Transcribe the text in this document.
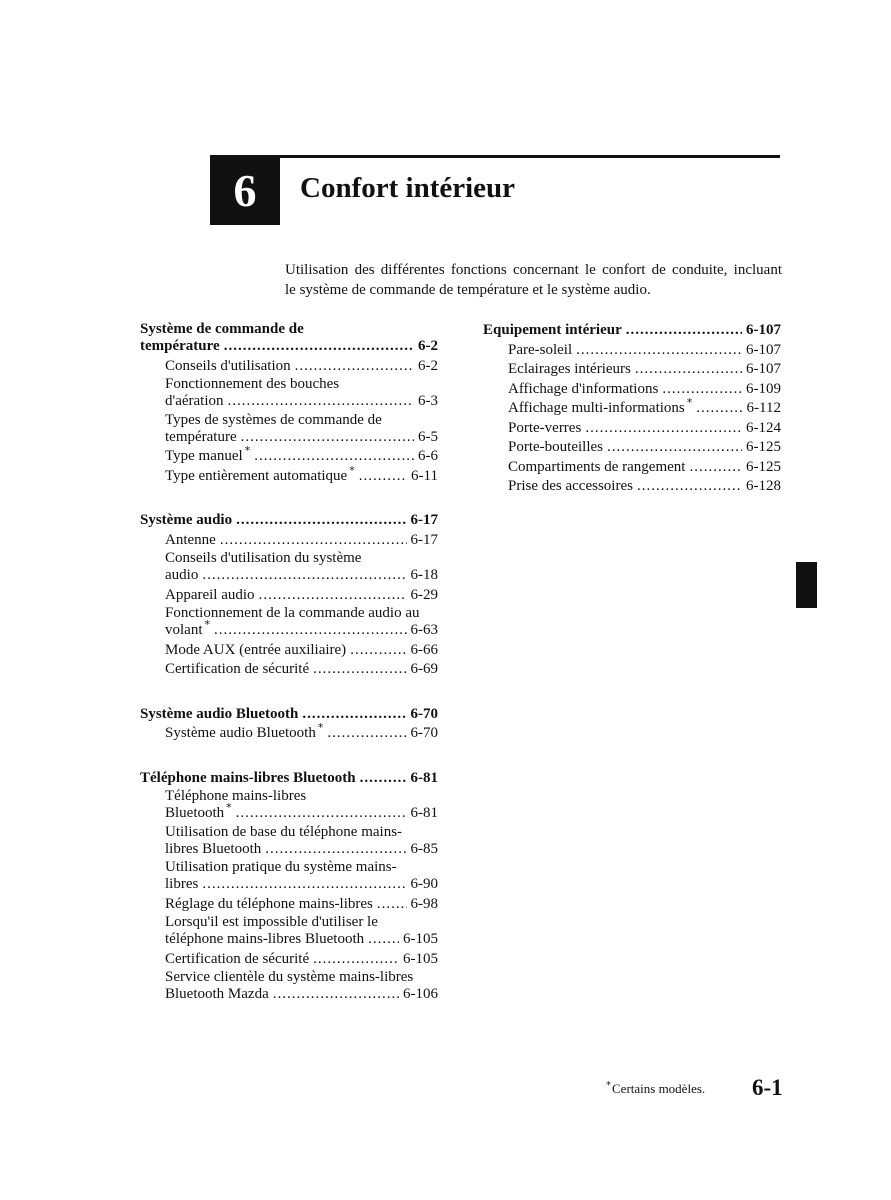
6 Confort intérieur
Utilisation des différentes fonctions concernant le confort de conduite, incluant
le système de commande de température et le système audio.
Système de commande de
température .....	6-2
Conseils d'utilisation .....	6-2
Fonctionnement des bouches
d'aération .....	6-3
Types de systèmes de commande de
température .....	6-5
Type manuel * .....	6-6
Type entièrement automatique * .....	6-11
Système audio .....	6-17
Antenne .....	6-17
Conseils d'utilisation du système
audio .....	6-18
Appareil audio .....	6-29
Fonctionnement de la commande audio au
volant * .....	6-63
Mode AUX (entrée auxiliaire) .....	6-66
Certification de sécurité .....	6-69
Système audio Bluetooth .....	6-70
Système audio Bluetooth * .....	6-70
Téléphone mains-libres Bluetooth .....	6-81
Téléphone mains-libres
Bluetooth * .....	6-81
Utilisation de base du téléphone mains-
libres Bluetooth .....	6-85
Utilisation pratique du système mains-
libres .....	6-90
Réglage du téléphone mains-libres .....	6-98
Lorsqu'il est impossible d'utiliser le
téléphone mains-libres Bluetooth .....	6-105
Certification de sécurité .....	6-105
Service clientèle du système mains-libres
Bluetooth Mazda .....	6-106
Equipement intérieur .....	6-107
Pare-soleil .....	6-107
Eclairages intérieurs .....	6-107
Affichage d'informations .....	6-109
Affichage multi-informations * .....	6-112
Porte-verres .....	6-124
Porte-bouteilles .....	6-125
Compartiments de rangement .....	6-125
Prise des accessoires .....	6-128
*Certains modèles. 6-1
